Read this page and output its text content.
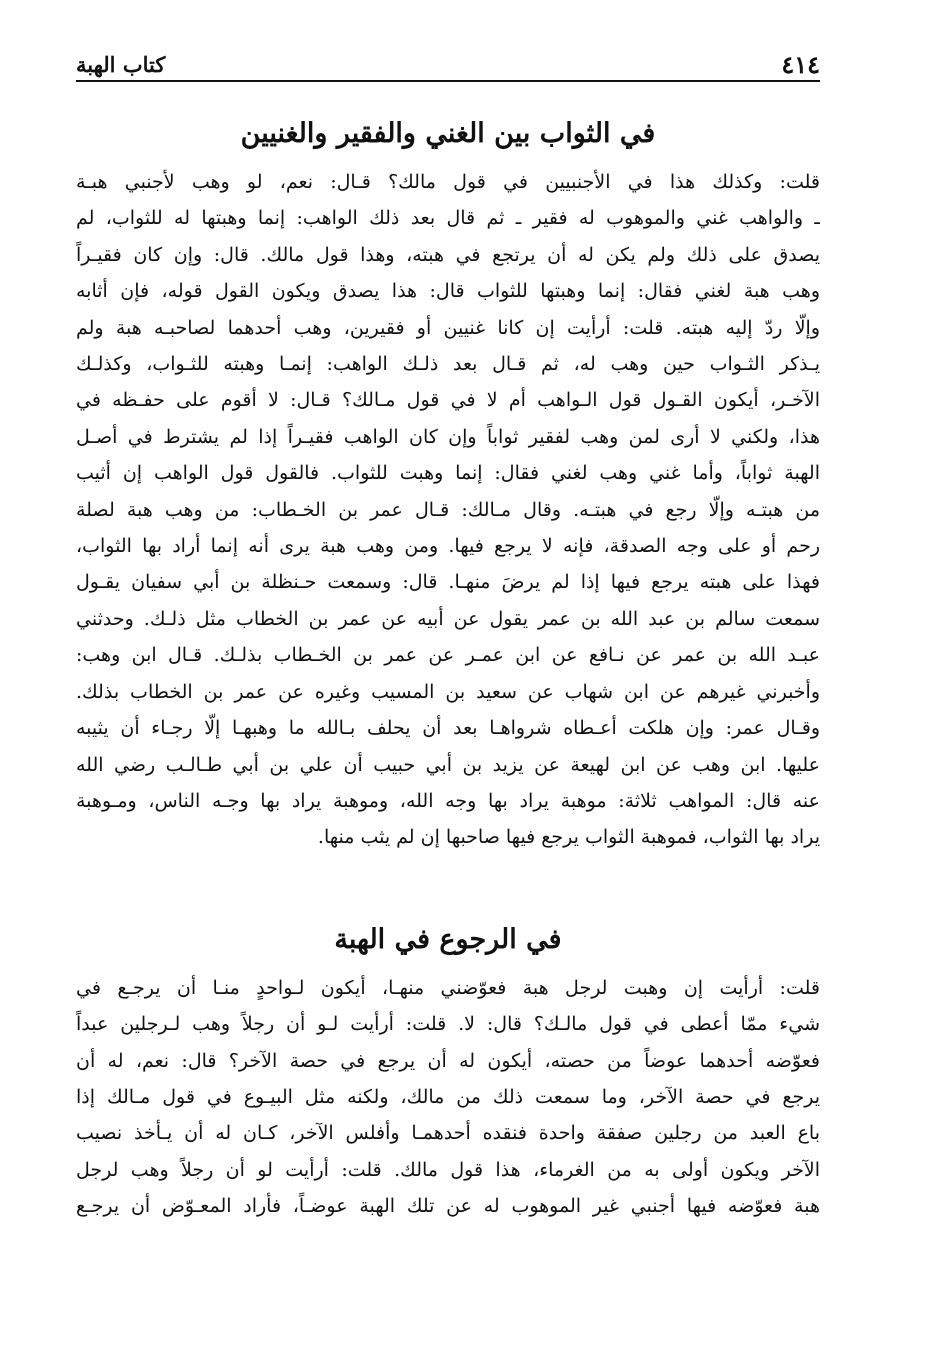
٤١٤
كتاب الهبة
في الثواب بين الغني والفقير والغنيين
قلت: وكذلك هذا في الأجنبيين في قول مالك؟ قـال: نعم، لو وهب لأجنبي هبـة
ـ والواهب غني والموهوب له فقير ـ ثم قال بعد ذلك الواهب: إنما وهبتها له للثواب، لم
يصدق على ذلك ولم يكن له أن يرتجع في هبته، وهذا قول مالك. قال: وإن كان فقيـراً
وهب هبة لغني فقال: إنما وهبتها للثواب قال: هذا يصدق ويكون القول قوله، فإن أثابه
وإلّا ردّ إليه هبته. قلت: أرأيت إن كانا غنيين أو فقيرين، وهب أحدهما لصاحبـه هبة ولم
يـذكر الثـواب حين وهب له، ثم قـال بعد ذلـك الواهب: إنمـا وهبته للثـواب، وكذلـك
الآخـر، أيكون القـول قول الـواهب أم لا في قول مـالك؟ قـال: لا أقوم على حفـظه في
هذا، ولكني لا أرى لمن وهب لفقير ثواباً وإن كان الواهب فقيـراً إذا لم يشترط في أصـل
الهبة ثواباً، وأما غني وهب لغني فقال: إنما وهبت للثواب. فالقول قول الواهب إن أثيب
من هبتـه وإلّا رجع في هبتـه. وقال مـالك: قـال عمر بن الخـطاب: من وهب هبة لصلة
رحم أو على وجه الصدقة، فإنه لا يرجع فيها. ومن وهب هبة يرى أنه إنما أراد بها الثواب،
فهذا على هبته يرجع فيها إذا لم يرضَ منهـا. قال: وسمعت حـنظلة بن أبي سفيان يقـول
سمعت سالم بن عبد الله بن عمر يقول عن أبيه عن عمر بن الخطاب مثل ذلـك. وحدثني
عبـد الله بن عمر عن نـافع عن ابن عمـر عن عمر بن الخـطاب بذلـك. قـال ابن وهب:
وأخبرني غيرهم عن ابن شهاب عن سعيد بن المسيب وغيره عن عمر بن الخطاب بذلك.
وقـال عمر: وإن هلكت أعـطاه شرواهـا بعد أن يحلف بـالله ما وهبهـا إلّا رجـاء أن يثيبه
عليها. ابن وهب عن ابن لهيعة عن يزيد بن أبي حبيب أن علي بن أبي طـالـب رضي الله
عنه قال: المواهب ثلاثة: موهبة يراد بها وجه الله، وموهبة يراد بها وجـه الناس، ومـوهبة
يراد بها الثواب، فموهبة الثواب يرجع فيها صاحبها إن لم يثب منها.
في الرجوع في الهبة
قلت: أرأيت إن وهبت لرجل هبة فعوّضني منهـا، أيكون لـواحدٍ منـا أن يرجـع في
شيء ممّا أعطى في قول مالـك؟ قال: لا. قلت: أرأيت لـو أن رجلاً وهب لـرجلين عبداً
فعوّضه أحدهما عوضاً من حصته، أيكون له أن يرجع في حصة الآخر؟ قال: نعم، له أن
يرجع في حصة الآخر، وما سمعت ذلك من مالك، ولكنه مثل البيـوع في قول مـالك إذا
باع العبد من رجلين صفقة واحدة فنقده أحدهمـا وأفلس الآخر، كـان له أن يـأخذ نصيب
الآخر ويكون أولى به من الغرماء، هذا قول مالك. قلت: أرأيت لو أن رجلاً وهب لرجل
هبة فعوّضه فيها أجنبي غير الموهوب له عن تلك الهبة عوضـاً، فأراد المعـوّض أن يرجـع
